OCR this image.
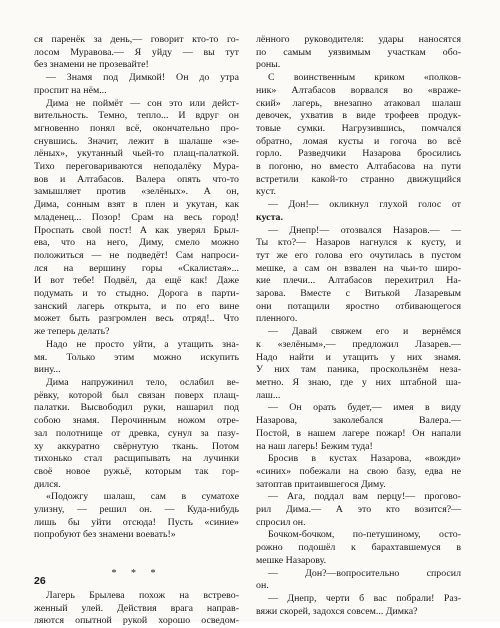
ся паренёк за день,— говорит кто-то го-
лосом Муравова.— Я уйду — вы тут
без знамени не прозевайте!
— Знамя под Димкой! Он до утра
проспит на нём...
Дима не поймёт — сон это или дейст-
вительность. Темно, тепло... И вдруг он
мгновенно понял всё, окончательно про-
снувшись. Значит, лежит в шалаше «зе-
лёных», укутанный чьей-то плащ-палаткой.
Тихо переговариваются неподалёку Мура-
вов и Алтабасов. Валера опять что-то
замышляет против «зелёных». А он,
Дима, сонным взят в плен и укутан, как
младенец... Позор! Срам на весь город!
Проспать свой пост! А как уверял Брыл-
ева, что на него, Диму, смело можно
положиться — не подведёт! Сам напроси-
лся на вершину горы «Скалистая»...
И вот тебе! Подвёл, да ещё как! Даже
подумать и то стыдно. Дорога в парти-
занский лагерь открыта, и по его вине
может быть разгромлен весь отряд!.. Что
же теперь делать?
Надо не просто уйти, а утащить зна-
мя. Только этим можно искупить
вину...
Дима напружинил тело, ослабил ве-
рёвку, которой был связан поверх плащ-
палатки. Высвободил руки, нашарил под
собою знамя. Перочинным ножом отре-
зал полотнище от древка, сунул за пазу-
ху аккуратно свёрнутую ткань. Потом
тихонько стал расщипывать на лучинки
своё новое ружьё, которым так гор-
дился.
«Подожгу шалаш, сам в суматохе
улизну, — решил он. — Куда-нибудь
лишь бы уйти отсюда! Пусть «синие»
попробуют без знамени воевать!»
* * *
Лагерь Брылева похож на встревo-
женный улей. Действия врага направ-
ляются опытной рукой хорошо осведом-
лённого руководителя: удары наносятся
по самым уязвимым участкам обо-
роны.
С воинственным криком «полков-
ник» Алтабасов ворвался во «враже-
ский» лагерь, внезапно атаковал шалаш
девочек, ухватив в виде трофеев продук-
товые сумки. Нагрузившись, помчался
обратно, ломая кусты и гогоча во всё
горло. Разведчики Назарова бросились
в погоню, но вместо Алтабасова на пути
встретили какой-то странно движущийся
куст.
— Дон!— окликнул глухой голос от
куста.
— Днепр!— отозвался Назаров.— —
Ты кто?— Назаров нагнулся к кусту, и
тут же его голова его очутилась в пустом
мешке, а сам он взвален на чьи-то широ-
кие плечи... Алтабасов перехитрил На-
зарова. Вместе с Витькой Лазаревым
они потащили яростно отбивающегося
пленного.
— Давай свяжем его и вернёмся
к «зелёным»,— предложил Лазарев.—
Надо найти и утащить у них знамя.
У них там паника, проскользнём неза-
метно. Я знаю, где у них штабной ша-
лаш...
— Он орать будет,— имея в виду
Назарова, заколебался Валера.—
Постой, в нашем лагере пожар! Он напали
на наш лагерь! Бежим туда!
Бросив в кустах Назарова, «вожди»
«синих» побежали на свою базу, едва не
затоптав притаившегося Диму.
— Ага, поддал вам перцу!— прогово-
рил Дима.— А это кто возится?—
спросил он.
Бочком-бочком, по-петушиному, осто-
рожно подошёл к барахтавшемуся в
мешке Назарову.
— Дон?—вопросительно спросил
он.
— Днепр, черти б вас побрали! Раз-
вяжи скорей, задохся совсем... Димка?
26
